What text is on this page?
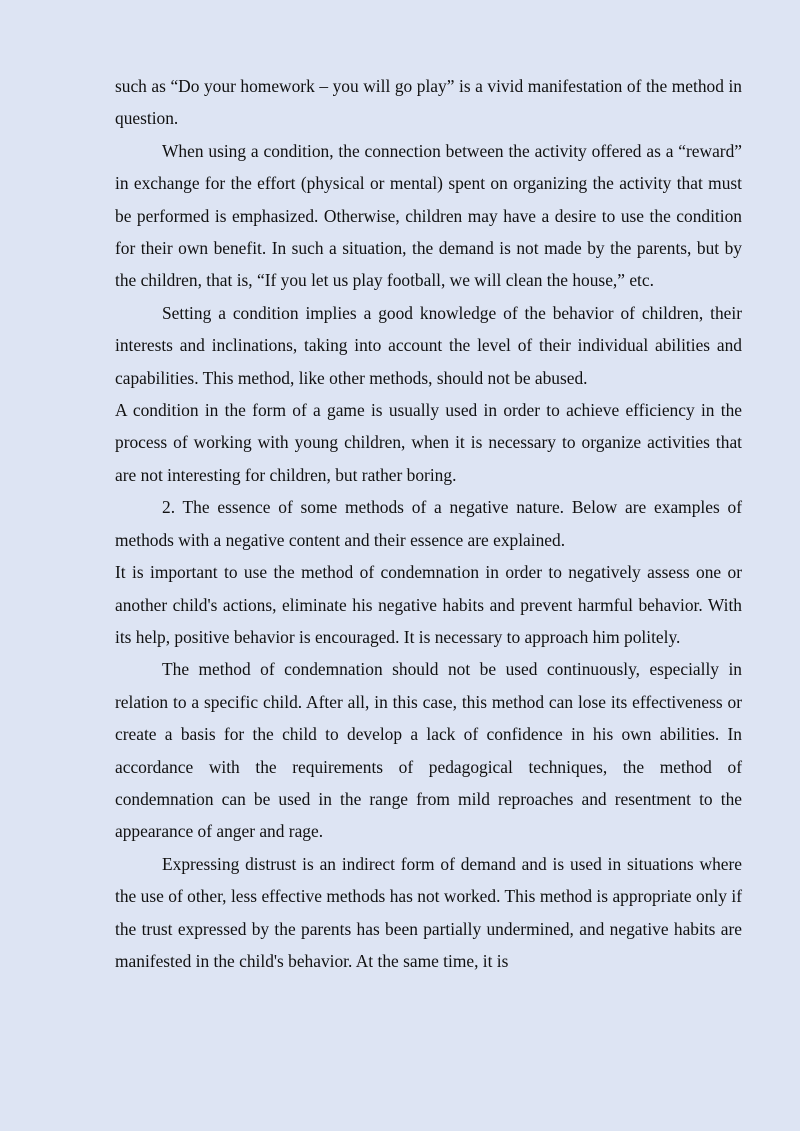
such as “Do your homework – you will go play” is a vivid manifestation of the method in question.

When using a condition, the connection between the activity offered as a “reward” in exchange for the effort (physical or mental) spent on organizing the activity that must be performed is emphasized. Otherwise, children may have a desire to use the condition for their own benefit. In such a situation, the demand is not made by the parents, but by the children, that is, “If you let us play football, we will clean the house,” etc.

Setting a condition implies a good knowledge of the behavior of children, their interests and inclinations, taking into account the level of their individual abilities and capabilities. This method, like other methods, should not be abused.

A condition in the form of a game is usually used in order to achieve efficiency in the process of working with young children, when it is necessary to organize activities that are not interesting for children, but rather boring.

2. The essence of some methods of a negative nature. Below are examples of methods with a negative content and their essence are explained.

It is important to use the method of condemnation in order to negatively assess one or another child's actions, eliminate his negative habits and prevent harmful behavior. With its help, positive behavior is encouraged. It is necessary to approach him politely.

The method of condemnation should not be used continuously, especially in relation to a specific child. After all, in this case, this method can lose its effectiveness or create a basis for the child to develop a lack of confidence in his own abilities. In accordance with the requirements of pedagogical techniques, the method of condemnation can be used in the range from mild reproaches and resentment to the appearance of anger and rage.

Expressing distrust is an indirect form of demand and is used in situations where the use of other, less effective methods has not worked. This method is appropriate only if the trust expressed by the parents has been partially undermined, and negative habits are manifested in the child's behavior. At the same time, it is
